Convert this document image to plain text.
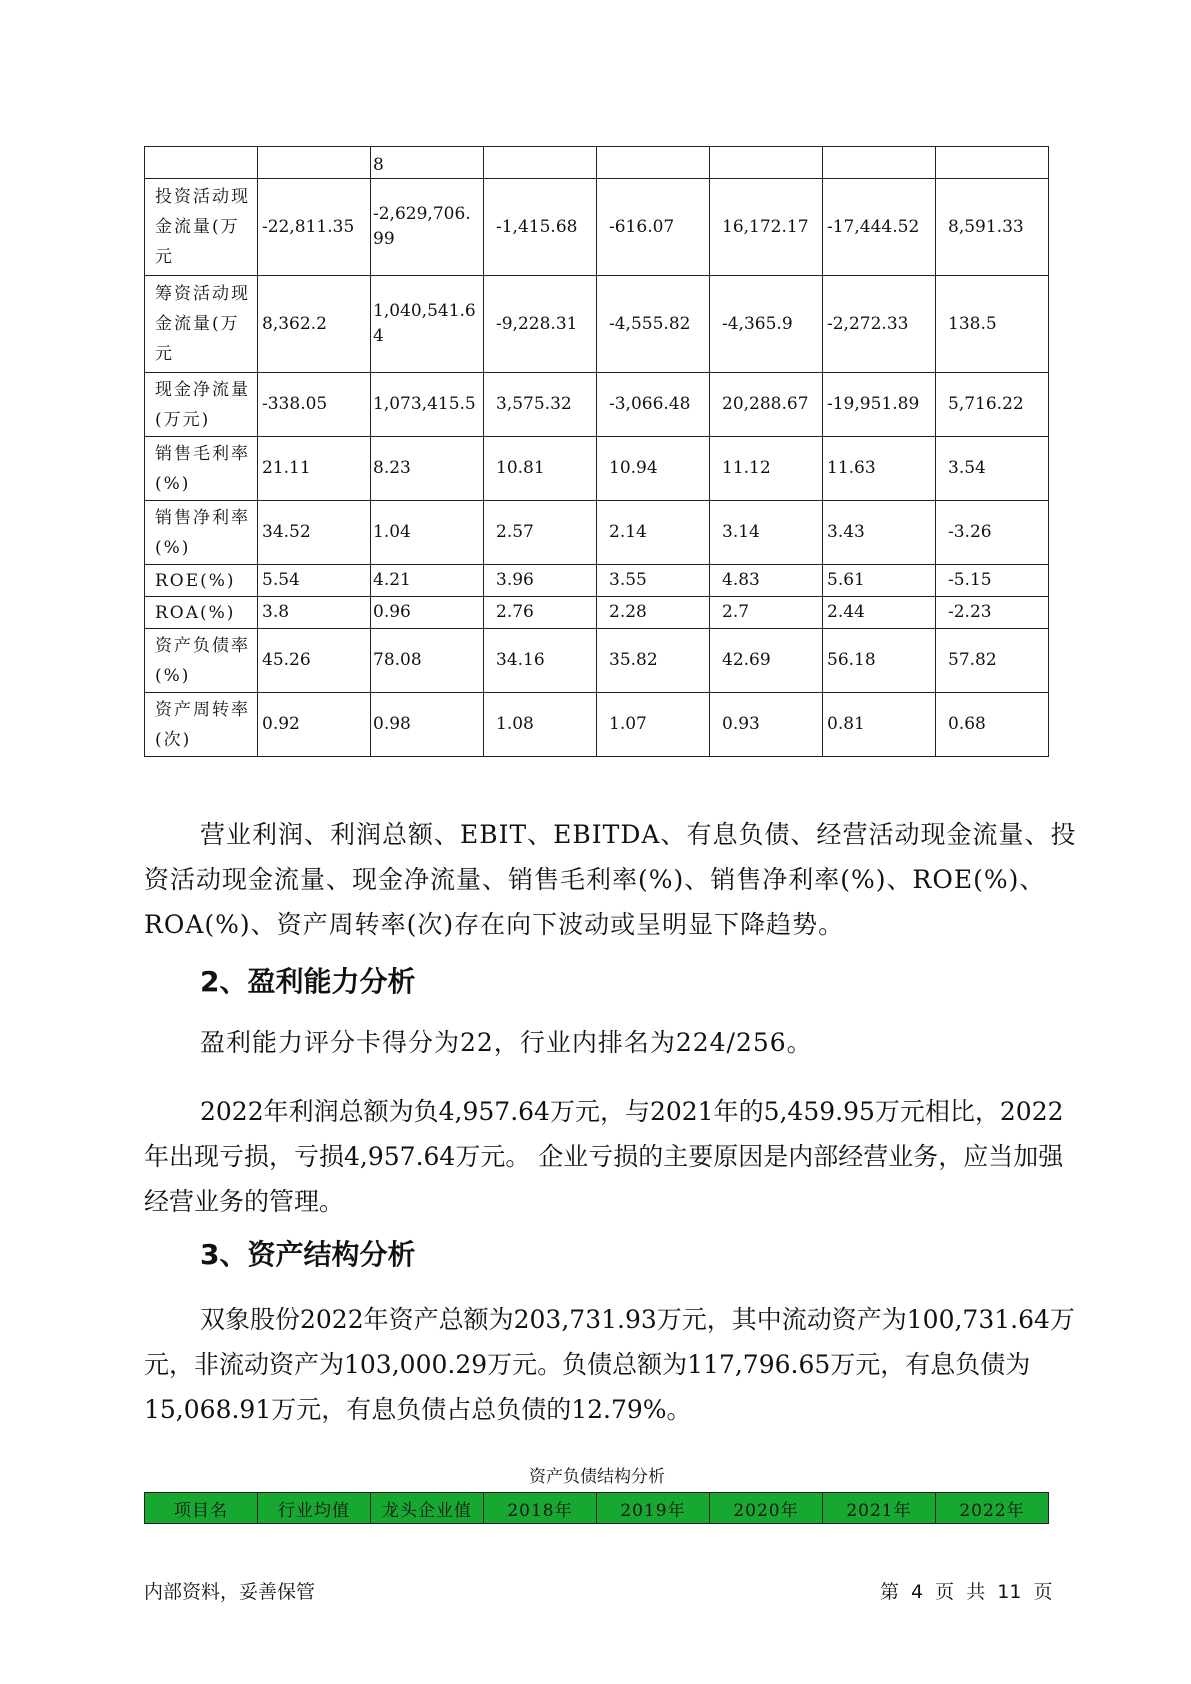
		8					
投资活动现金流量(万元	-22,811.35	-2,629,706.99	-1,415.68	-616.07	16,172.17	-17,444.52	8,591.33
筹资活动现金流量(万元	8,362.2	1,040,541.64	-9,228.31	-4,555.82	-4,365.9	-2,272.33	138.5
现金净流量(万元)	-338.05	1,073,415.5	3,575.32	-3,066.48	20,288.67	-19,951.89	5,716.22
销售毛利率(%)	21.11	8.23	10.81	10.94	11.12	11.63	3.54
销售净利率(%)	34.52	1.04	2.57	2.14	3.14	3.43	-3.26
ROE(%)	5.54	4.21	3.96	3.55	4.83	5.61	-5.15
ROA(%)	3.8	0.96	2.76	2.28	2.7	2.44	-2.23
资产负债率(%)	45.26	78.08	34.16	35.82	42.69	56.18	57.82
资产周转率(次)	0.92	0.98	1.08	1.07	0.93	0.81	0.68

营业利润、利润总额、EBIT、EBITDA、有息负债、经营活动现金流量、投资活动现金流量、现金净流量、销售毛利率(%)、销售净利率(%)、ROE(%)、ROA(%)、资产周转率(次)存在向下波动或呈明显下降趋势。

2、盈利能力分析

盈利能力评分卡得分为22，行业内排名为224/256。

2022年利润总额为负4,957.64万元，与2021年的5,459.95万元相比，2022年出现亏损，亏损4,957.64万元。 企业亏损的主要原因是内部经营业务，应当加强经营业务的管理。

3、资产结构分析

双象股份2022年资产总额为203,731.93万元，其中流动资产为100,731.64万元，非流动资产为103,000.29万元。负债总额为117,796.65万元，有息负债为15,068.91万元，有息负债占总负债的12.79%。

资产负债结构分析
项目名	行业均值	龙头企业值	2018年	2019年	2020年	2021年	2022年
内部资料，妥善保管	第 4 页 共 11 页
